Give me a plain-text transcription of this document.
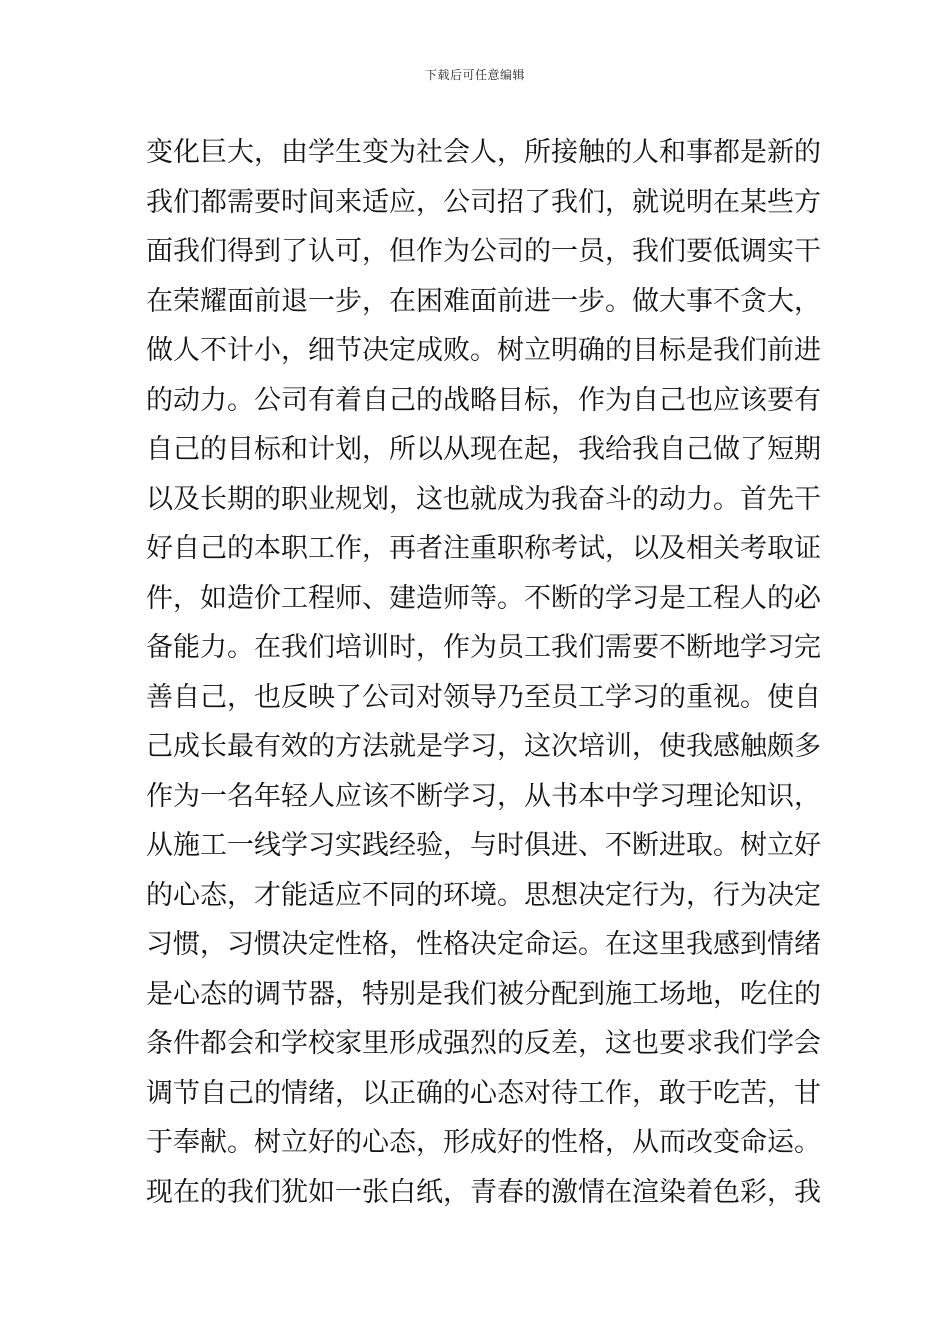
下载后可任意编辑
变化巨大，由学生变为社会人，所接触的人和事都是新的
我们都需要时间来适应，公司招了我们，就说明在某些方
面我们得到了认可，但作为公司的一员，我们要低调实干
在荣耀面前退一步，在困难面前进一步。做大事不贪大，
做人不计小，细节决定成败。树立明确的目标是我们前进
的动力。公司有着自己的战略目标，作为自己也应该要有
自己的目标和计划，所以从现在起，我给我自己做了短期
以及长期的职业规划，这也就成为我奋斗的动力。首先干
好自己的本职工作，再者注重职称考试，以及相关考取证
件，如造价工程师、建造师等。不断的学习是工程人的必
备能力。在我们培训时，作为员工我们需要不断地学习完
善自己，也反映了公司对领导乃至员工学习的重视。使自
己成长最有效的方法就是学习，这次培训，使我感触颇多
作为一名年轻人应该不断学习，从书本中学习理论知识，
从施工一线学习实践经验，与时俱进、不断进取。树立好
的心态，才能适应不同的环境。思想决定行为，行为决定
习惯，习惯决定性格，性格决定命运。在这里我感到情绪
是心态的调节器，特别是我们被分配到施工场地，吃住的
条件都会和学校家里形成强烈的反差，这也要求我们学会
调节自己的情绪，以正确的心态对待工作，敢于吃苦，甘
于奉献。树立好的心态，形成好的性格，从而改变命运。
现在的我们犹如一张白纸，青春的激情在渲染着色彩，我
